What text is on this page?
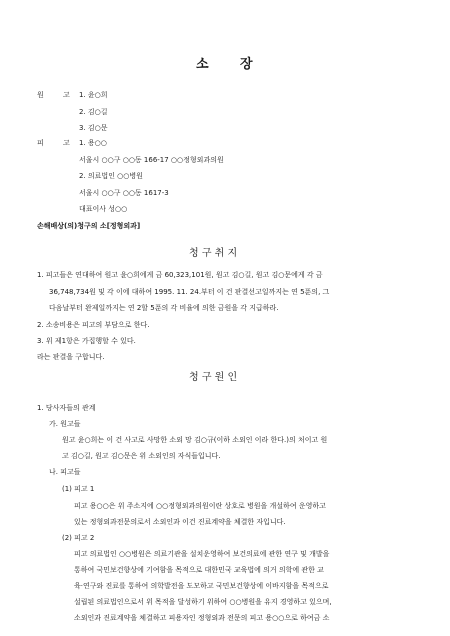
소 장
원	고 1. 윤○희
2. 김○길
3. 김○문
피	고 1. 용○○
서울시 ○○구 ○○동 166-17 ○○정형외과의원
2. 의료법인 ○○병원
서울시 ○○구 ○○동 1617-3
대표이사 성○○
손해배상(의)청구의 소[정형외과]
청 구 취 지
1. 피고들은 연대하여 원고 윤○희에게 금 60,323,101원, 원고 김○길, 원고 김○문에게 각 금
36,748,734원 및 각 이에 대하여 1995. 11. 24.부터 이 건 판결선고일까지는 연 5푼의, 그
다음날부터 완제일까지는 연 2할 5푼의 각 비율에 의한 금원을 각 지급하라.
2. 소송비용은 피고의 부담으로 한다.
3. 위 제1항은 가집행할 수 있다.
라는 판결을 구합니다.
청 구 원 인
1. 당사자들의 관계
가. 원고들
원고 윤○희는 이 건 사고로 사망한 소외 망 김○규(이하 소외인 이라 한다.)의 처이고 원
고 김○길, 원고 김○문은 위 소외인의 자식들입니다.
나. 피고들
(1) 피고 1
피고 용○○은 위 주소지에 ○○정형외과의원이란 상호로 병원을 개설하여 운영하고
있는 정형외과전문의로서 소외인과 이건 진료계약을 체결한 자입니다.
(2) 피고 2
피고 의료법인 ○○병원은 의료기관을 설치운영하여 보건의료에 관한 연구 및 개발을
통하여 국민보건향상에 기여함을 목적으로 대한민국 교육법에 의거 의학에 관한 교
육·연구와 진료를 통하여 의학발전을 도모하고 국민보건향상에 이바지함을 목적으로
설립된 의료법인으로서 위 목적을 달성하기 위하여 ○○병원을 유지 경영하고 있으며,
소외인과 진료계약을 체결하고 피용자인 정형외과 전문의 피고 용○○으로 하여금 소
